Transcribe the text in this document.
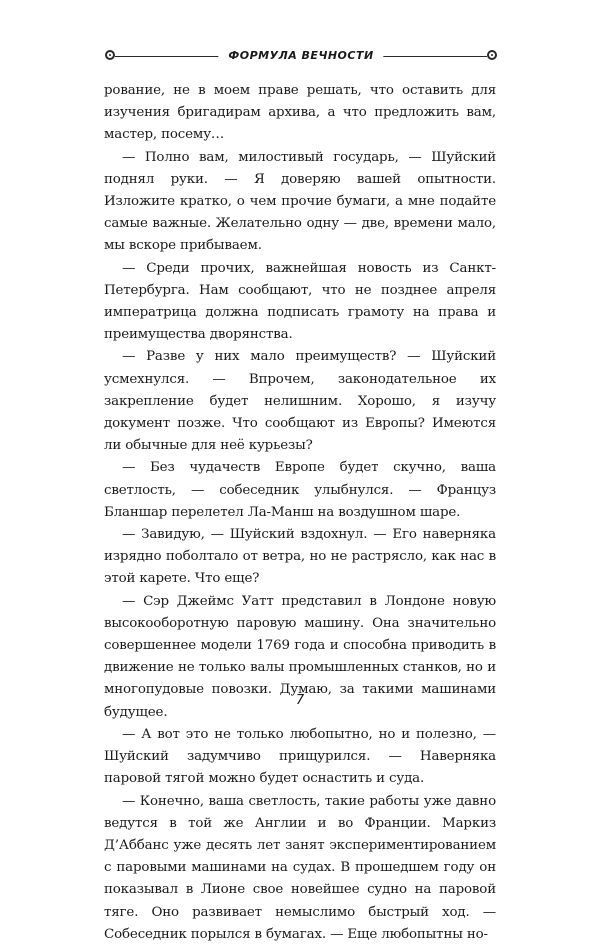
ФОРМУЛА ВЕЧНОСТИ

рование, не в моем праве решать, что оставить для изучения бригадирам архива, а что предложить вам, мастер, посему…

— Полно вам, милостивый государь, — Шуйский поднял руки. — Я доверяю вашей опытности. Изложите кратко, о чем прочие бумаги, а мне подайте самые важные. Желательно одну — две, времени мало, мы вскоре прибываем.

— Среди прочих, важнейшая новость из Санкт-Петербурга. Нам сообщают, что не позднее апреля императрица должна подписать грамоту на права и преимущества дворянства.

— Разве у них мало преимуществ? — Шуйский усмехнулся. — Впрочем, законодательное их закрепление будет нелишним. Хорошо, я изучу документ позже. Что сообщают из Европы? Имеются ли обычные для неё курьезы?

— Без чудачеств Европе будет скучно, ваша светлость, — собеседник улыбнулся. — Француз Бланшар перелетел Ла-Манш на воздушном шаре.

— Завидую, — Шуйский вздохнул. — Его наверняка изрядно поболтало от ветра, но не растрясло, как нас в этой карете. Что еще?

— Сэр Джеймс Уатт представил в Лондоне новую высокооборотную паровую машину. Она значительно совершеннее модели 1769 года и способна приводить в движение не только валы промышленных станков, но и многопудовые повозки. Думаю, за такими машинами будущее.

— А вот это не только любопытно, но и полезно, — Шуйский задумчиво прищурился. — Наверняка паровой тягой можно будет оснастить и суда.

— Конечно, ваша светлость, такие работы уже давно ведутся в той же Англии и во Франции. Маркиз Д’Аббанс уже десять лет занят экспериментированием с паровыми машинами на судах. В прошедшем году он показывал в Лионе свое новейшее судно на паровой тяге. Оно развивает немыслимо быстрый ход. — Собеседник порылся в бумагах. — Еще любопытны но-

7
